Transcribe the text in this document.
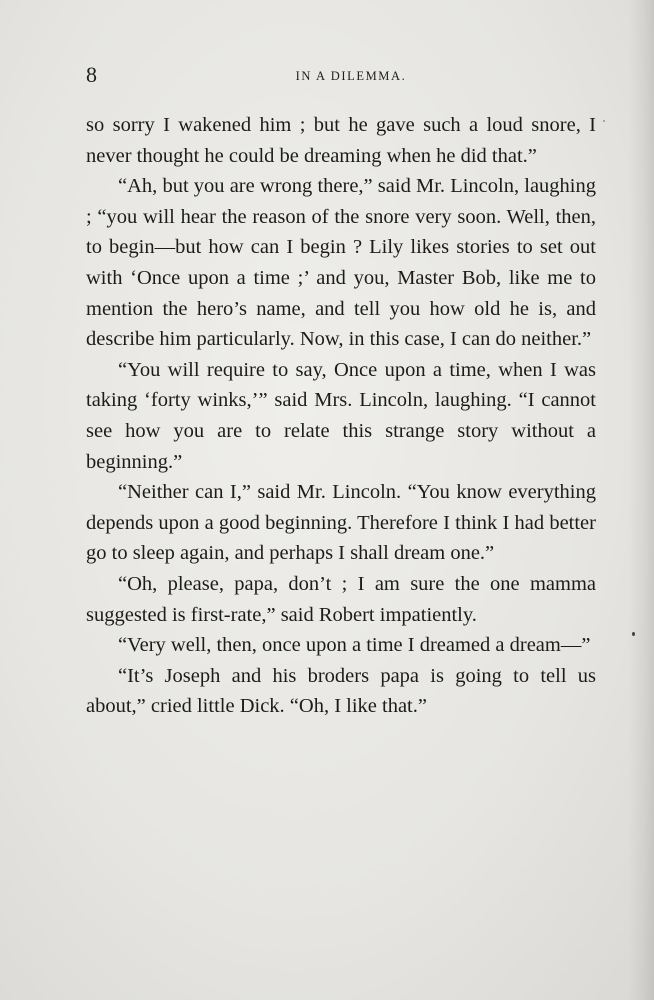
8	IN A DILEMMA.

so sorry I wakened him ; but he gave such a loud snore, I never thought he could be dreaming when he did that.”

“Ah, but you are wrong there,” said Mr. Lincoln, laughing ; “you will hear the reason of the snore very soon. Well, then, to begin—but how can I begin ? Lily likes stories to set out with ‘Once upon a time ;’ and you, Master Bob, like me to mention the hero’s name, and tell you how old he is, and describe him particularly. Now, in this case, I can do neither.”

“You will require to say, Once upon a time, when I was taking ‘forty winks,’” said Mrs. Lincoln, laughing. “I cannot see how you are to relate this strange story without a beginning.”

“Neither can I,” said Mr. Lincoln. “You know everything depends upon a good beginning. Therefore I think I had better go to sleep again, and perhaps I shall dream one.”

“Oh, please, papa, don’t ; I am sure the one mamma suggested is first-rate,” said Robert impatiently.

“Very well, then, once upon a time I dreamed a dream—”

“It’s Joseph and his broders papa is going to tell us about,” cried little Dick. “Oh, I like that.”
